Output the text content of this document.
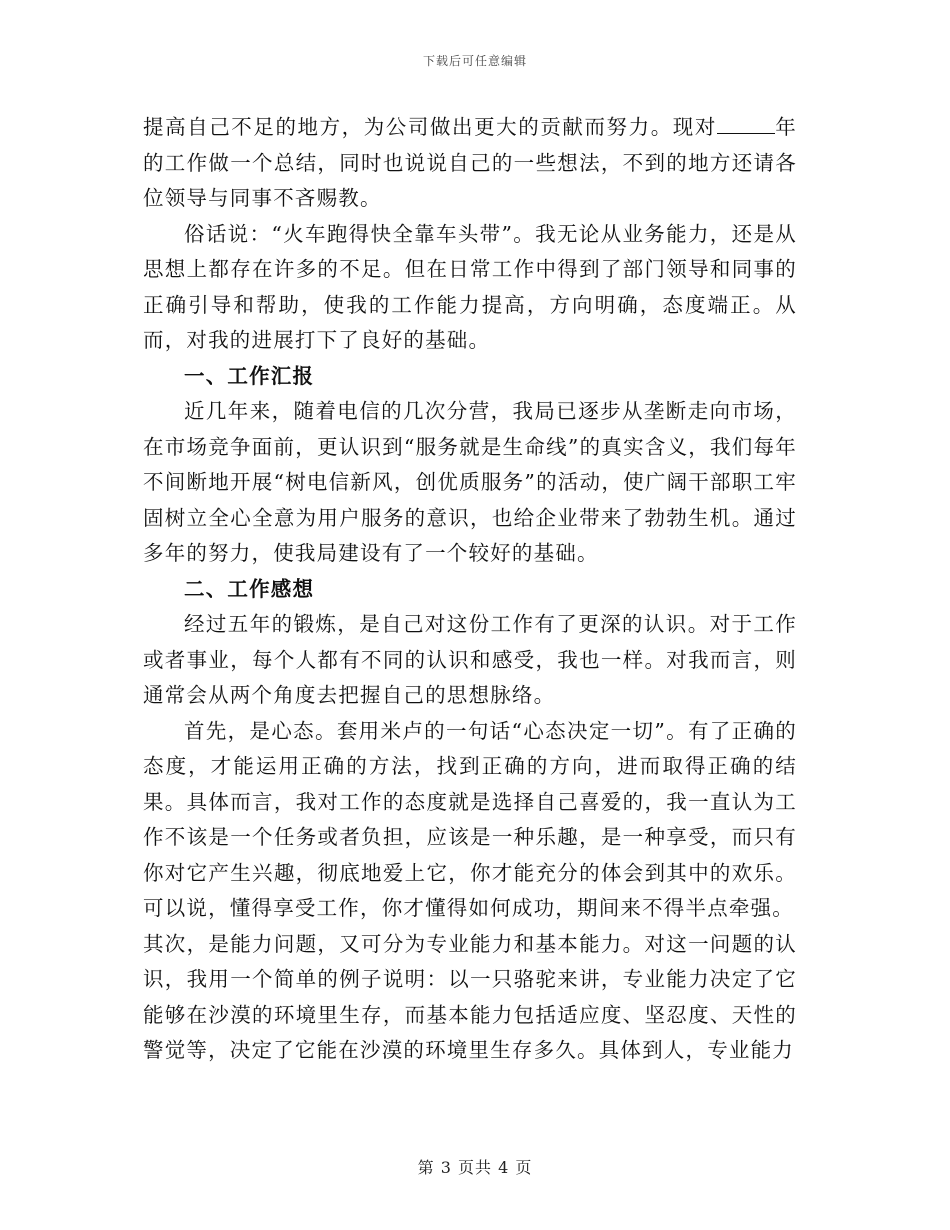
下载后可任意编辑

提高自己不足的地方，为公司做出更大的贡献而努力。现对	年的工作做一个总结，同时也说说自己的一些想法，不到的地方还请各位领导与同事不吝赐教。

俗话说：“火车跑得快全靠车头带”。我无论从业务能力，还是从思想上都存在许多的不足。但在日常工作中得到了部门领导和同事的正确引导和帮助，使我的工作能力提高，方向明确，态度端正。从而，对我的进展打下了良好的基础。

一、工作汇报

近几年来，随着电信的几次分营，我局已逐步从垄断走向市场，在市场竞争面前，更认识到“服务就是生命线”的真实含义，我们每年不间断地开展“树电信新风，创优质服务”的活动，使广阔干部职工牢固树立全心全意为用户服务的意识，也给企业带来了勃勃生机。通过多年的努力，使我局建设有了一个较好的基础。

二、工作感想

经过五年的锻炼，是自己对这份工作有了更深的认识。对于工作或者事业，每个人都有不同的认识和感受，我也一样。对我而言，则通常会从两个角度去把握自己的思想脉络。

首先，是心态。套用米卢的一句话“心态决定一切”。有了正确的态度，才能运用正确的方法，找到正确的方向，进而取得正确的结果。具体而言，我对工作的态度就是选择自己喜爱的，我一直认为工作不该是一个任务或者负担，应该是一种乐趣，是一种享受，而只有你对它产生兴趣，彻底地爱上它，你才能充分的体会到其中的欢乐。可以说，懂得享受工作，你才懂得如何成功，期间来不得半点牵强。

其次，是能力问题，又可分为专业能力和基本能力。对这一问题的认识，我用一个简单的例子说明：以一只骆驼来讲，专业能力决定了它能够在沙漠的环境里生存，而基本能力包括适应度、坚忍度、天性的警觉等，决定了它能在沙漠的环境里生存多久。具体到人，专业能力

第 3 页共 4 页
